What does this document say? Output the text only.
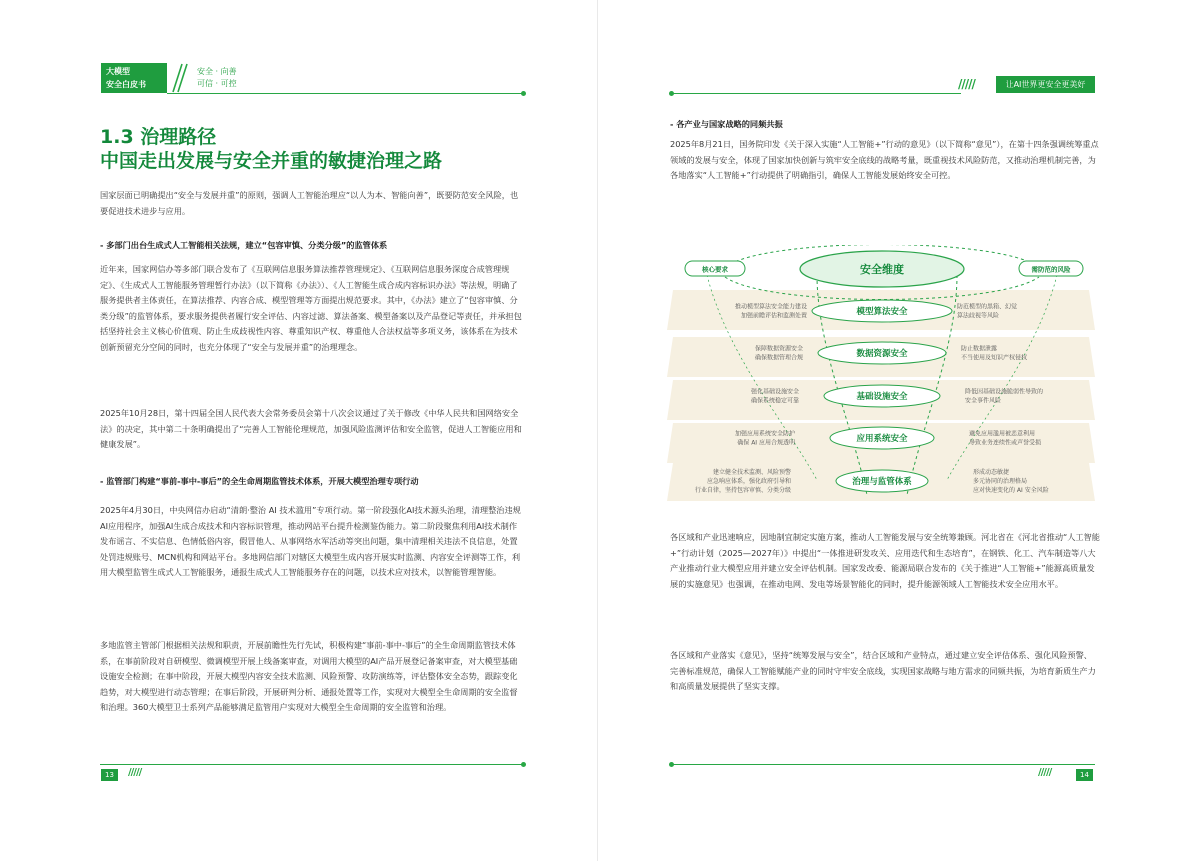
大模型
安全白皮书
安全 · 向善
可信 · 可控
1.3 治理路径
中国走出发展与安全并重的敏捷治理之路
国家层面已明确提出“安全与发展并重”的原则，强调人工智能治理应“以人为本、智能向善”，既要防范安全风险，也要促进技术进步与应用。
- 多部门出台生成式人工智能相关法规，建立“包容审慎、分类分级”的监管体系
近年来，国家网信办等多部门联合发布了《互联网信息服务算法推荐管理规定》、《互联网信息服务深度合成管理规定》、《生成式人工智能服务管理暂行办法》（以下简称《办法》）、《人工智能生成合成内容标识办法》等法规，明确了服务提供者主体责任，在算法推荐、内容合成、模型管理等方面提出规范要求。其中，《办法》建立了“包容审慎、分类分级”的监管体系，要求服务提供者履行安全评估、内容过滤、算法备案、模型备案以及产品登记等责任，并承担包括坚持社会主义核心价值观、防止生成歧视性内容、尊重知识产权、尊重他人合法权益等多项义务，该体系在为技术创新预留充分空间的同时，也充分体现了“安全与发展并重”的治理理念。
2025年10月28日，第十四届全国人民代表大会常务委员会第十八次会议通过了关于修改《中华人民共和国网络安全法》的决定，其中第二十条明确提出了“完善人工智能伦理规范，加强风险监测评估和安全监管，促进人工智能应用和健康发展”。
- 监管部门构建“事前-事中-事后”的全生命周期监管技术体系，开展大模型治理专项行动
2025年4月30日，中央网信办启动“清朗·整治 AI 技术滥用”专项行动。第一阶段强化AI技术源头治理，清理整治违规AI应用程序，加强AI生成合成技术和内容标识管理，推动网站平台提升检测鉴伪能力。第二阶段聚焦利用AI技术制作发布谣言、不实信息、色情低俗内容，假冒他人、从事网络水军活动等突出问题，集中清理相关违法不良信息，处置处罚违规账号、MCN机构和网站平台。多地网信部门对辖区大模型生成内容开展实时监测、内容安全评测等工作，利用大模型监管生成式人工智能服务，通报生成式人工智能服务存在的问题，以技术应对技术，以智能管理智能。
多地监管主管部门根据相关法规和职责，开展前瞻性先行先试，积极构建“事前-事中-事后”的全生命周期监管技术体系，在事前阶段对自研模型、微调模型开展上线备案审查，对调用大模型的AI产品开展登记备案审查，对大模型基础设施安全检测；在事中阶段，开展大模型内容安全技术监测、风险预警、攻防演练等，评估整体安全态势，跟踪变化趋势，对大模型进行动态管理；在事后阶段，开展研判分析、通报处置等工作，实现对大模型全生命周期的安全监督和治理。360大模型卫士系列产品能够满足监管用户实现对大模型全生命周期的安全监管和治理。
13	/////
/////	让AI世界更安全更美好
- 各产业与国家战略的同频共振
2025年8月21日，国务院印发《关于深入实施“人工智能+”行动的意见》（以下简称“意见”），在第十四条强调统筹重点领域的发展与安全，体现了国家加快创新与筑牢安全底线的战略考量，既重视技术风险防范，又推动治理机制完善，为各地落实“人工智能+”行动提供了明确指引，确保人工智能发展始终安全可控。
安全维度
核心要求	需防范的风险
模型算法安全
推动模型算法安全能力建设
加强前瞻评估和监测处置
防范模型的黑箱、幻觉
算法歧视等风险
数据资源安全
保障数据资源安全
确保数据管理合规
防止数据泄露
不当使用及知识产权侵权
基础设施安全
强化基础设施安全
确保系统稳定可靠
降低因基础设施脆弱性导致的
安全事件风险
应用系统安全
加强应用系统安全防护
确保 AI 应用合规透明
避免应用滥用被恶意利用
导致业务连续性或声誉受损
治理与监管体系
建立健全技术监测、风险预警
应急响应体系，强化政府引导和
行业自律，坚持包容审慎、分类分级
形成动态敏捷
多元协同的治理格局
应对快速变化的 AI 安全风险
各区域和产业迅速响应，因地制宜制定实施方案，推动人工智能发展与安全统筹兼顾。河北省在《河北省推动“人工智能+”行动计划（2025—2027年）》中提出“一体推进研发攻关、应用迭代和生态培育”，在钢铁、化工、汽车制造等八大产业推动行业大模型应用并建立安全评估机制。国家发改委、能源局联合发布的《关于推进“人工智能+”能源高质量发展的实施意见》也强调，在推动电网、发电等场景智能化的同时，提升能源领域人工智能技术安全应用水平。
各区域和产业落实《意见》，坚持“统筹发展与安全”，结合区域和产业特点，通过建立安全评估体系、强化风险预警、完善标准规范，确保人工智能赋能产业的同时守牢安全底线，实现国家战略与地方需求的同频共振，为培育新质生产力和高质量发展提供了坚实支撑。
/////	14
